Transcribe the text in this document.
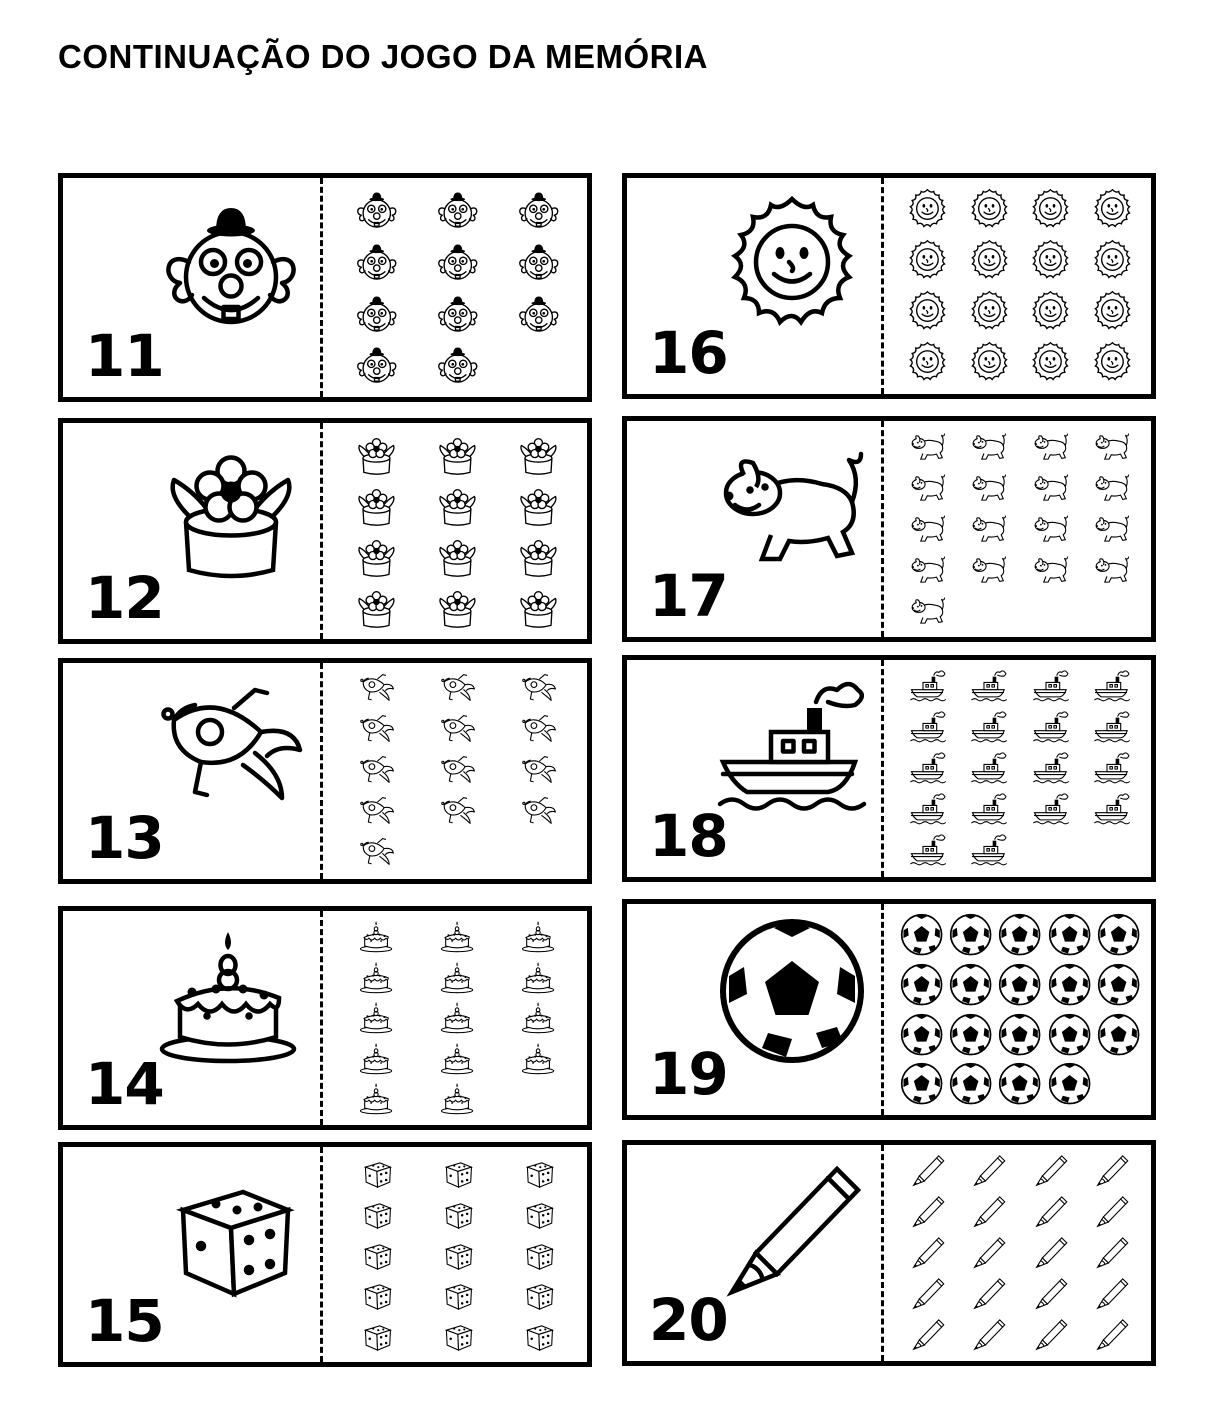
CONTINUAÇÃO DO JOGO DA MEMÓRIA
11
12
13
14
15
16
17
18
19
20
